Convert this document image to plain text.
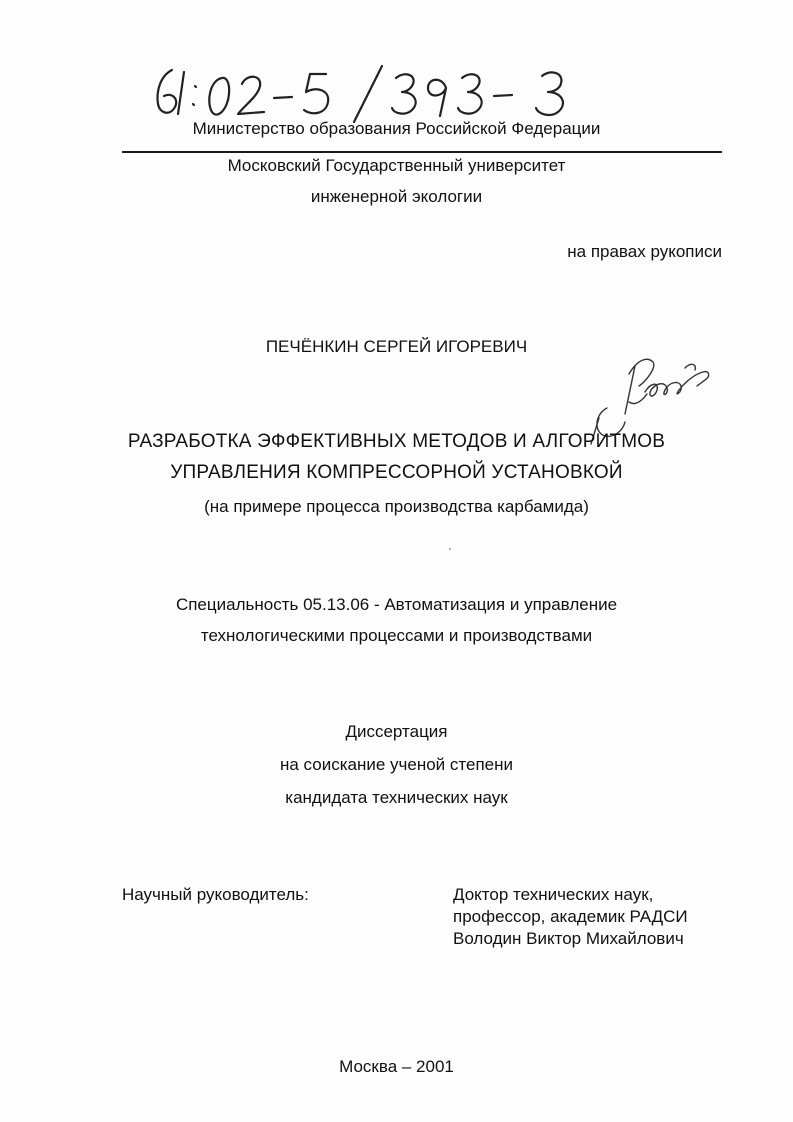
Министерство образования Российской Федерации
Московский Государственный университет
инженерной экологии
на правах рукописи
ПЕЧЁНКИН СЕРГЕЙ ИГОРЕВИЧ
РАЗРАБОТКА ЭФФЕКТИВНЫХ МЕТОДОВ И АЛГОРИТМОВ
УПРАВЛЕНИЯ КОМПРЕССОРНОЙ УСТАНОВКОЙ
(на примере процесса производства карбамида)
Специальность 05.13.06 - Автоматизация и управление
технологическими процессами и производствами
Диссертация
на соискание ученой степени
кандидата технических наук
Научный руководитель:	Доктор технических наук,
профессор, академик РАДСИ
Володин Виктор Михайлович
Москва – 2001
